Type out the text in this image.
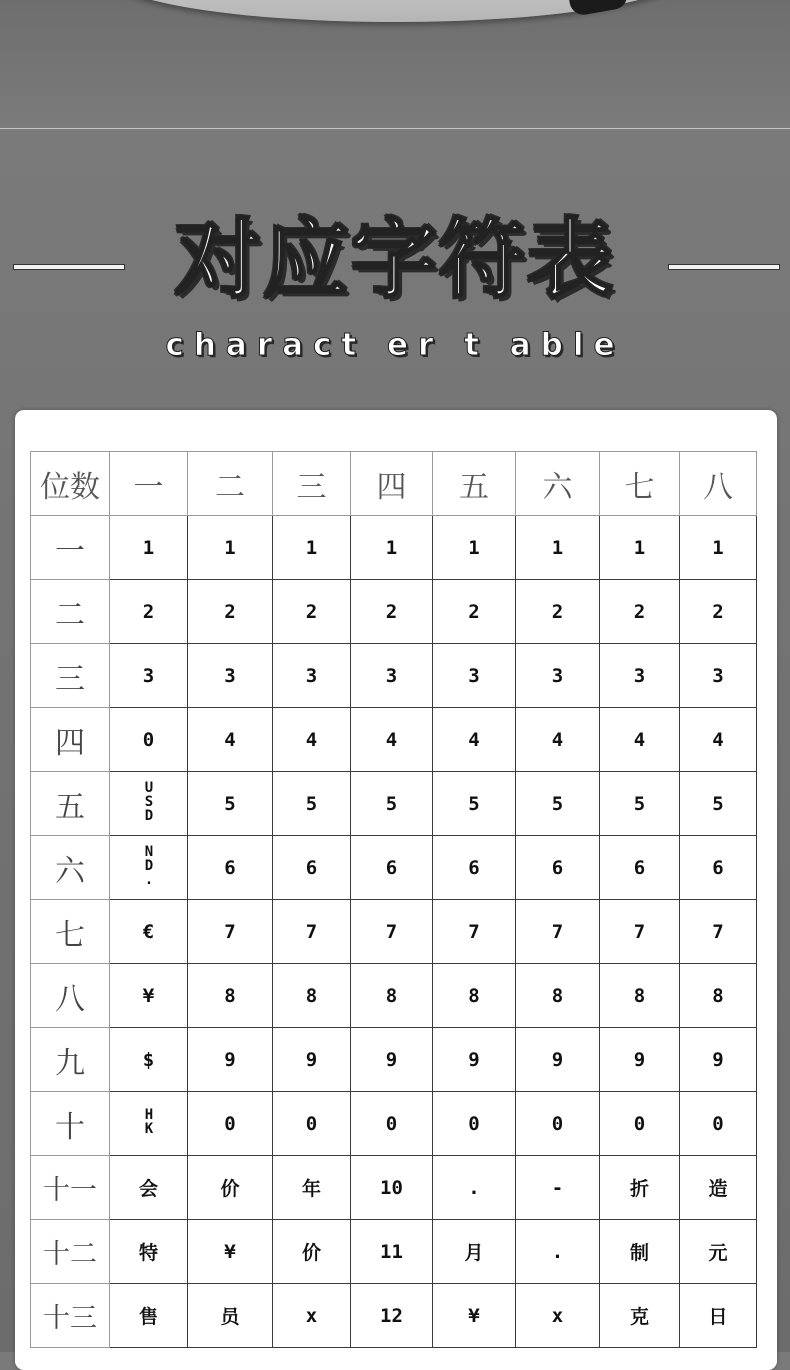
对应字符表
charact er t able
位数	一	二	三	四	五	六	七	八
一	1	1	1	1	1	1	1	1
二	2	2	2	2	2	2	2	2
三	3	3	3	3	3	3	3	3
四	0	4	4	4	4	4	4	4
五	USD	5	5	5	5	5	5	5
六	ND.	6	6	6	6	6	6	6
七	€	7	7	7	7	7	7	7
八	¥	8	8	8	8	8	8	8
九	$	9	9	9	9	9	9	9
十	HK	0	0	0	0	0	0	0
十一	会	价	年	10	.	-	折	造
十二	特	¥	价	11	月	.	制	元
十三	售	员	x	12	¥	x	克	日
